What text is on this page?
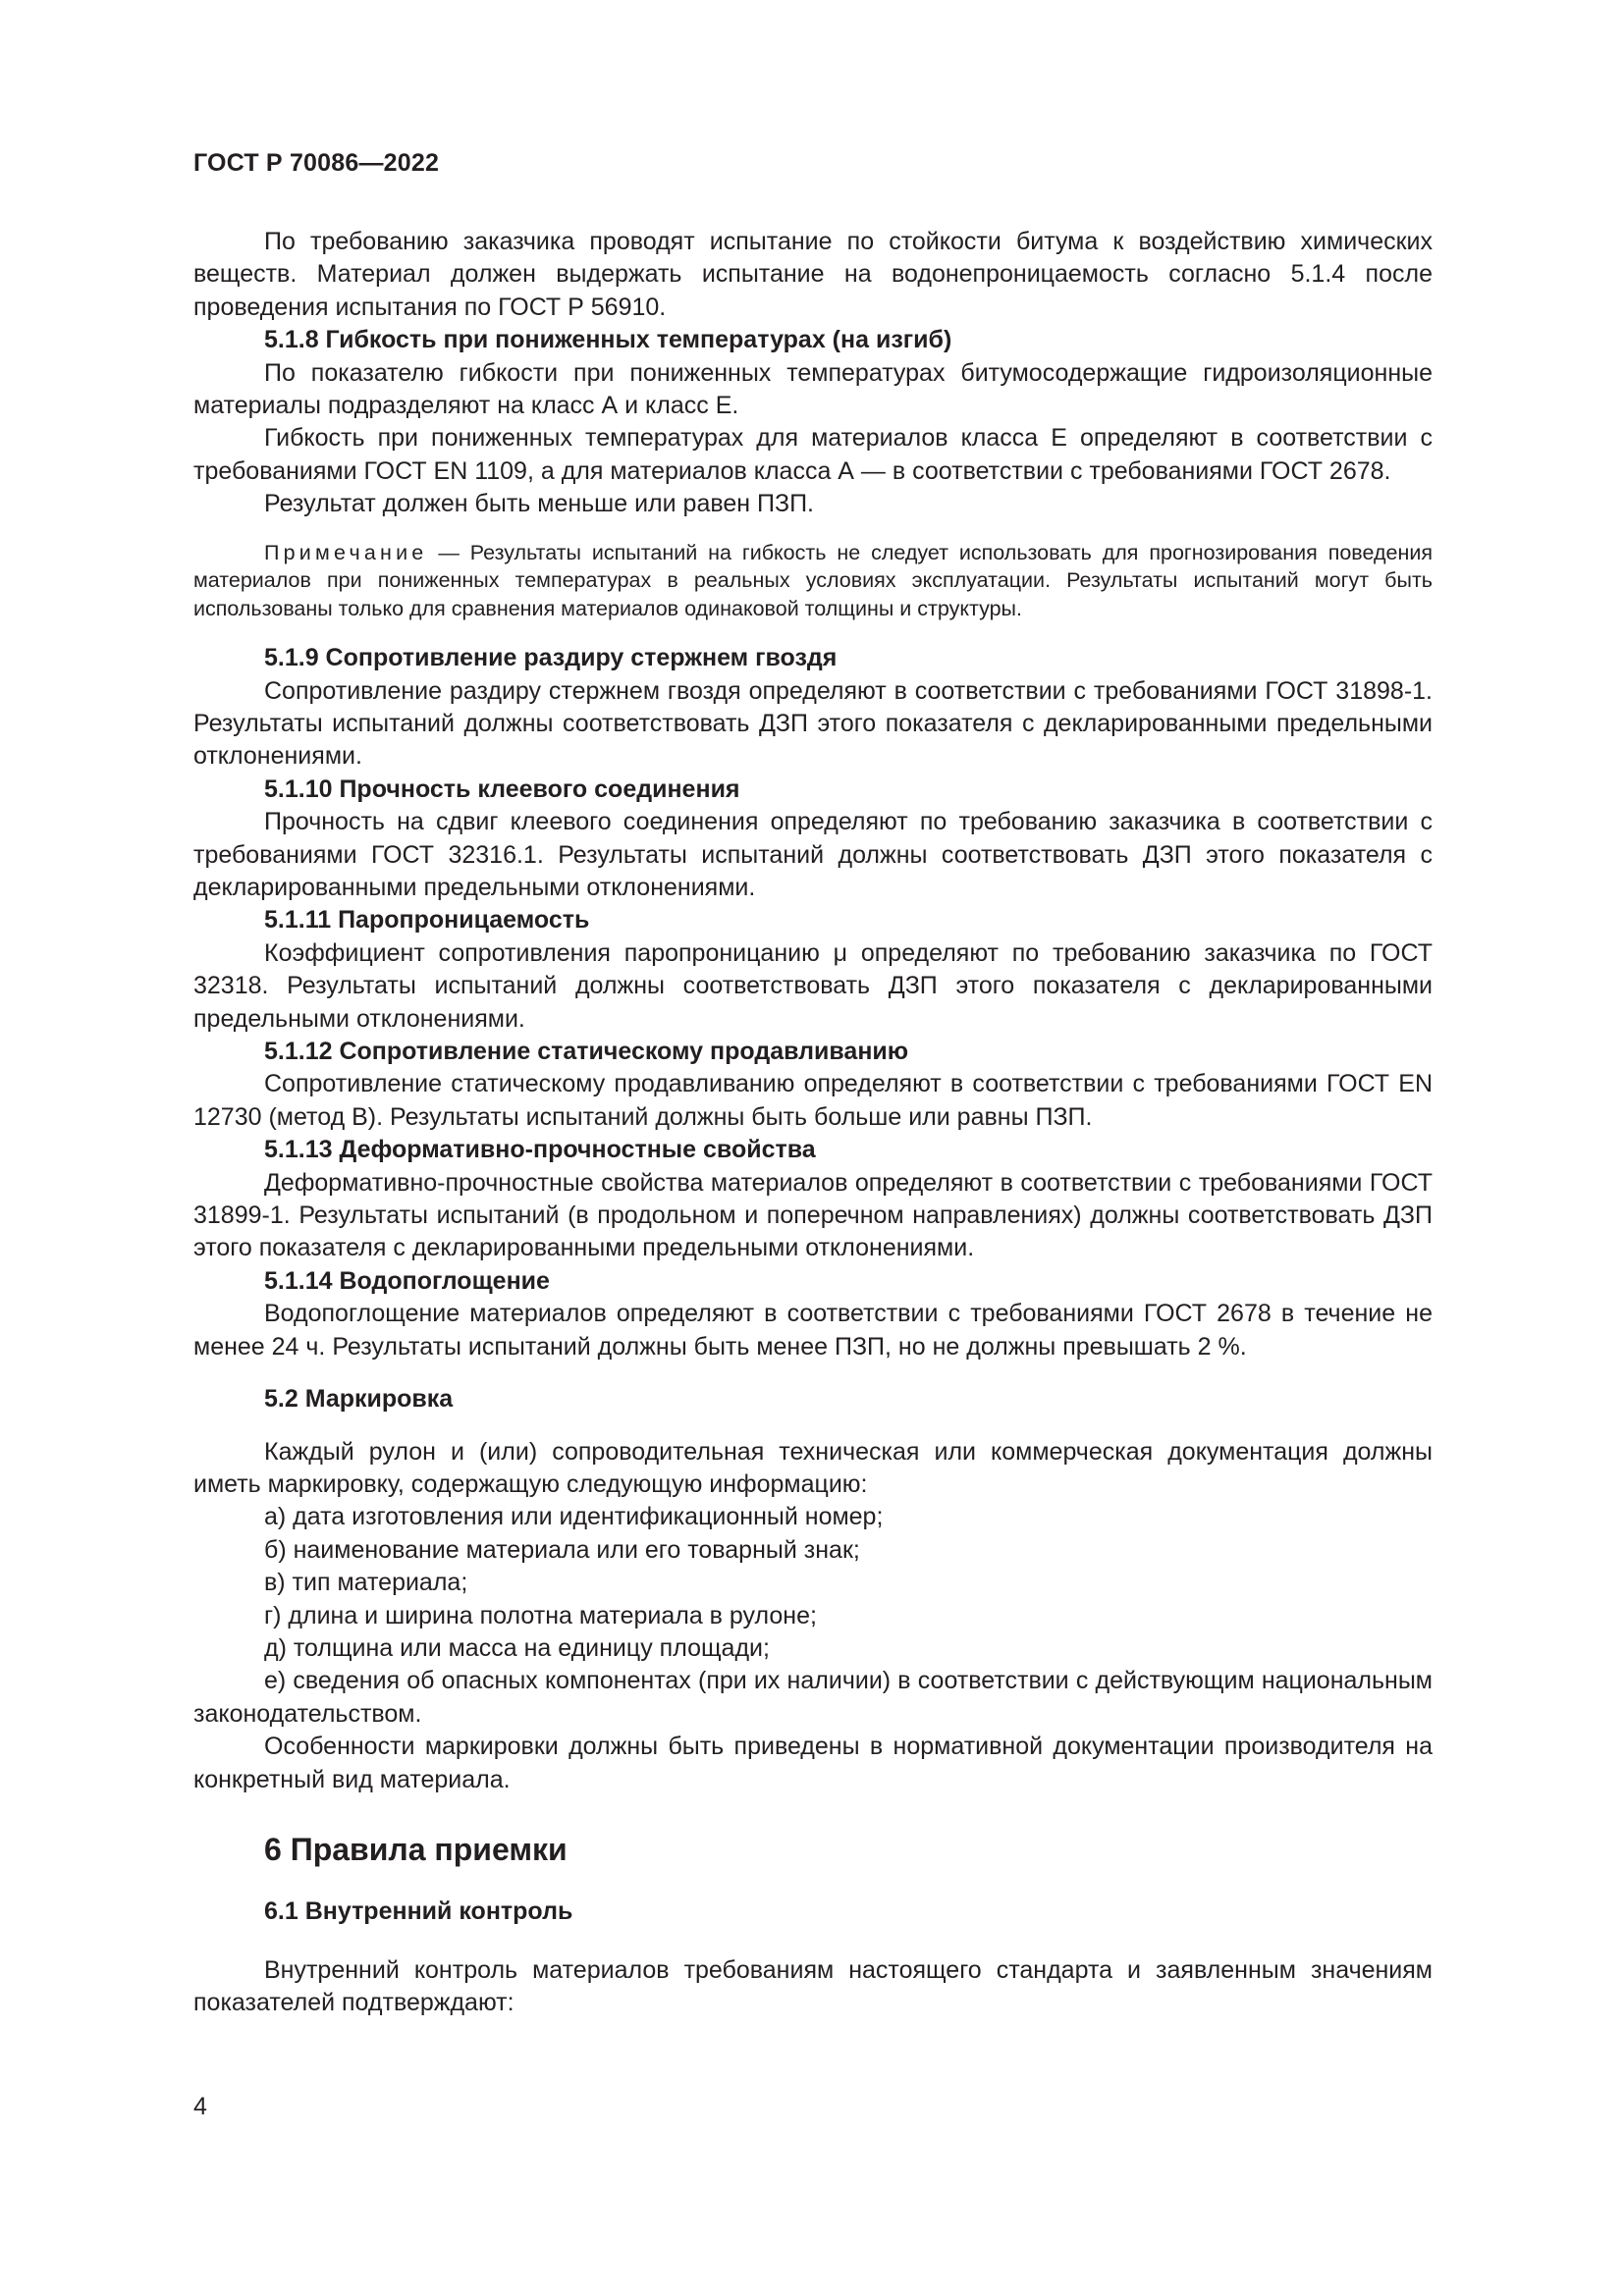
ГОСТ Р 70086—2022

По требованию заказчика проводят испытание по стойкости битума к воздействию химических веществ. Материал должен выдержать испытание на водонепроницаемость согласно 5.1.4 после проведения испытания по ГОСТ Р 56910.

5.1.8 Гибкость при пониженных температурах (на изгиб)

По показателю гибкости при пониженных температурах битумосодержащие гидроизоляционные материалы подразделяют на класс А и класс Е.

Гибкость при пониженных температурах для материалов класса Е определяют в соответствии с требованиями ГОСТ EN 1109, а для материалов класса А — в соответствии с требованиями ГОСТ 2678.

Результат должен быть меньше или равен ПЗП.

Примечание — Результаты испытаний на гибкость не следует использовать для прогнозирования поведения материалов при пониженных температурах в реальных условиях эксплуатации. Результаты испытаний могут быть использованы только для сравнения материалов одинаковой толщины и структуры.

5.1.9 Сопротивление раздиру стержнем гвоздя

Сопротивление раздиру стержнем гвоздя определяют в соответствии с требованиями ГОСТ 31898-1. Результаты испытаний должны соответствовать ДЗП этого показателя с декларированными предельными отклонениями.

5.1.10 Прочность клеевого соединения

Прочность на сдвиг клеевого соединения определяют по требованию заказчика в соответствии с требованиями ГОСТ 32316.1. Результаты испытаний должны соответствовать ДЗП этого показателя с декларированными предельными отклонениями.

5.1.11 Паропроницаемость

Коэффициент сопротивления паропроницанию μ определяют по требованию заказчика по ГОСТ 32318. Результаты испытаний должны соответствовать ДЗП этого показателя с декларированными предельными отклонениями.

5.1.12 Сопротивление статическому продавливанию

Сопротивление статическому продавливанию определяют в соответствии с требованиями ГОСТ EN 12730 (метод B). Результаты испытаний должны быть больше или равны ПЗП.

5.1.13 Деформативно-прочностные свойства

Деформативно-прочностные свойства материалов определяют в соответствии с требованиями ГОСТ 31899-1. Результаты испытаний (в продольном и поперечном направлениях) должны соответствовать ДЗП этого показателя с декларированными предельными отклонениями.

5.1.14 Водопоглощение

Водопоглощение материалов определяют в соответствии с требованиями ГОСТ 2678 в течение не менее 24 ч. Результаты испытаний должны быть менее ПЗП, но не должны превышать 2 %.

5.2 Маркировка

Каждый рулон и (или) сопроводительная техническая или коммерческая документация должны иметь маркировку, содержащую следующую информацию:

а) дата изготовления или идентификационный номер;

б) наименование материала или его товарный знак;

в) тип материала;

г) длина и ширина полотна материала в рулоне;

д) толщина или масса на единицу площади;

е) сведения об опасных компонентах (при их наличии) в соответствии с действующим национальным законодательством.

Особенности маркировки должны быть приведены в нормативной документации производителя на конкретный вид материала.

6 Правила приемки

6.1 Внутренний контроль

Внутренний контроль материалов требованиям настоящего стандарта и заявленным значениям показателей подтверждают:

4
